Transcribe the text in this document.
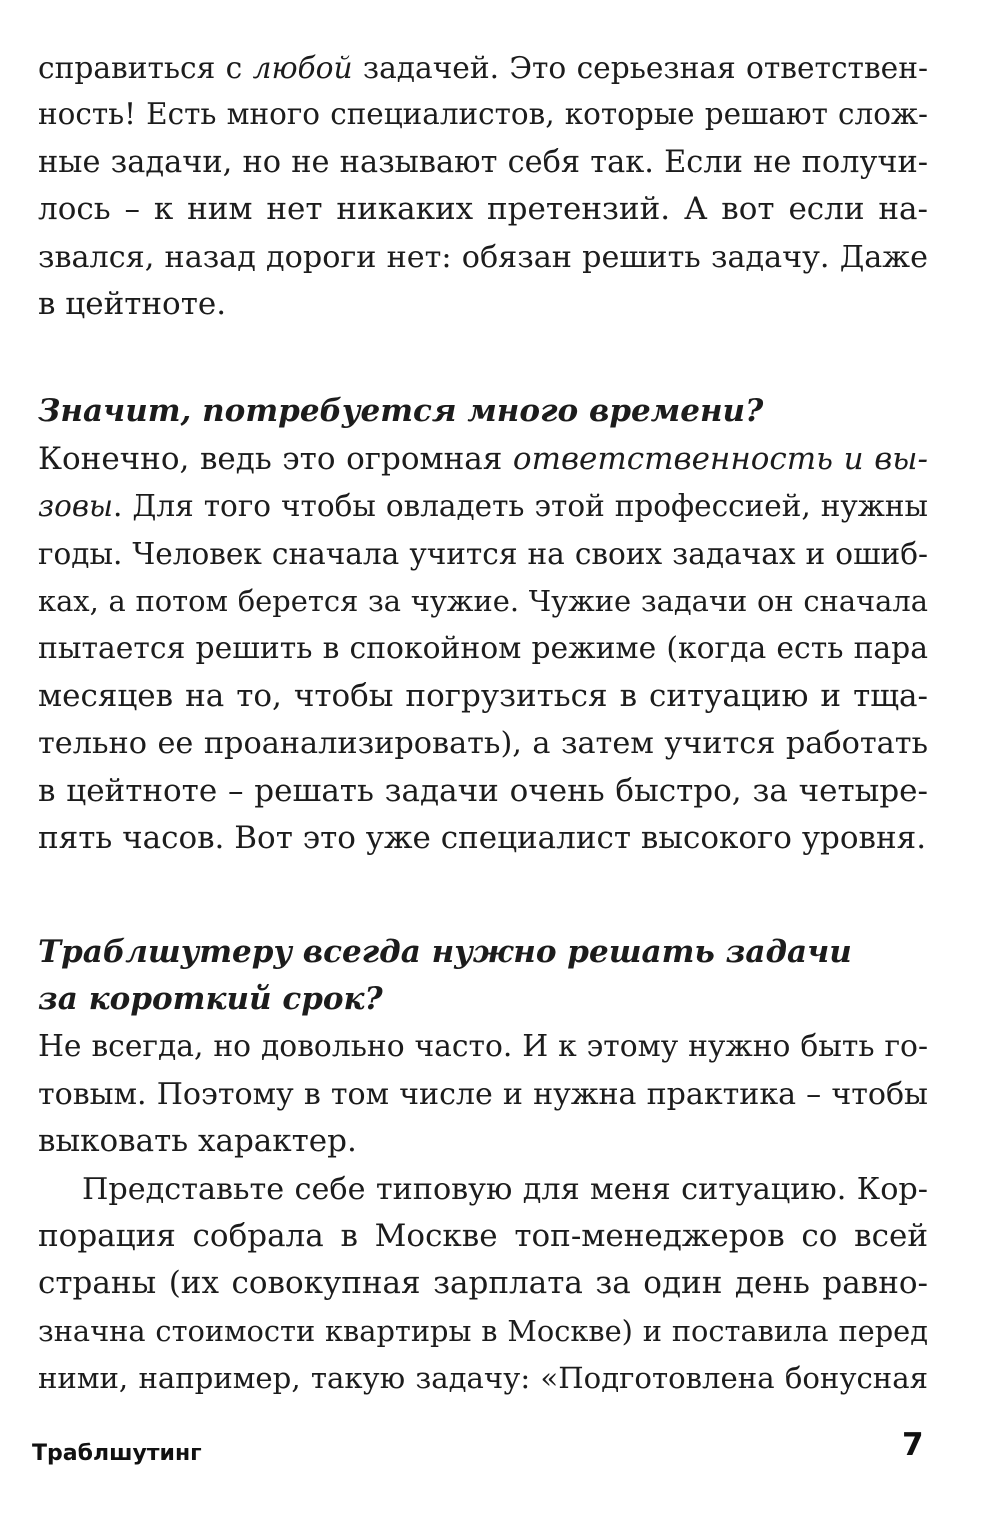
справиться с любой задачей. Это серьезная ответствен-
ность! Есть много специалистов, которые решают слож-
ные задачи, но не называют себя так. Если не получи-
лось – к ним нет никаких претензий. А вот если на-
звался, назад дороги нет: обязан решить задачу. Даже
в цейтноте.
Значит, потребуется много времени?
Конечно, ведь это огромная ответственность и вы-
зовы. Для того чтобы овладеть этой профессией, нужны
годы. Человек сначала учится на своих задачах и ошиб-
ках, а потом берется за чужие. Чужие задачи он сначала
пытается решить в спокойном режиме (когда есть пара
месяцев на то, чтобы погрузиться в ситуацию и тща-
тельно ее проанализировать), а затем учится работать
в цейтноте – решать задачи очень быстро, за четыре-
пять часов. Вот это уже специалист высокого уровня.
Траблшутеру всегда нужно решать задачи
за короткий срок?
Не всегда, но довольно часто. И к этому нужно быть го-
товым. Поэтому в том числе и нужна практика – чтобы
выковать характер.
Представьте себе типовую для меня ситуацию. Кор-
порация собрала в Москве топ-менеджеров со всей
страны (их совокупная зарплата за один день равно-
значна стоимости квартиры в Москве) и поставила перед
ними, например, такую задачу: «Подготовлена бонусная
Траблшутинг	7
